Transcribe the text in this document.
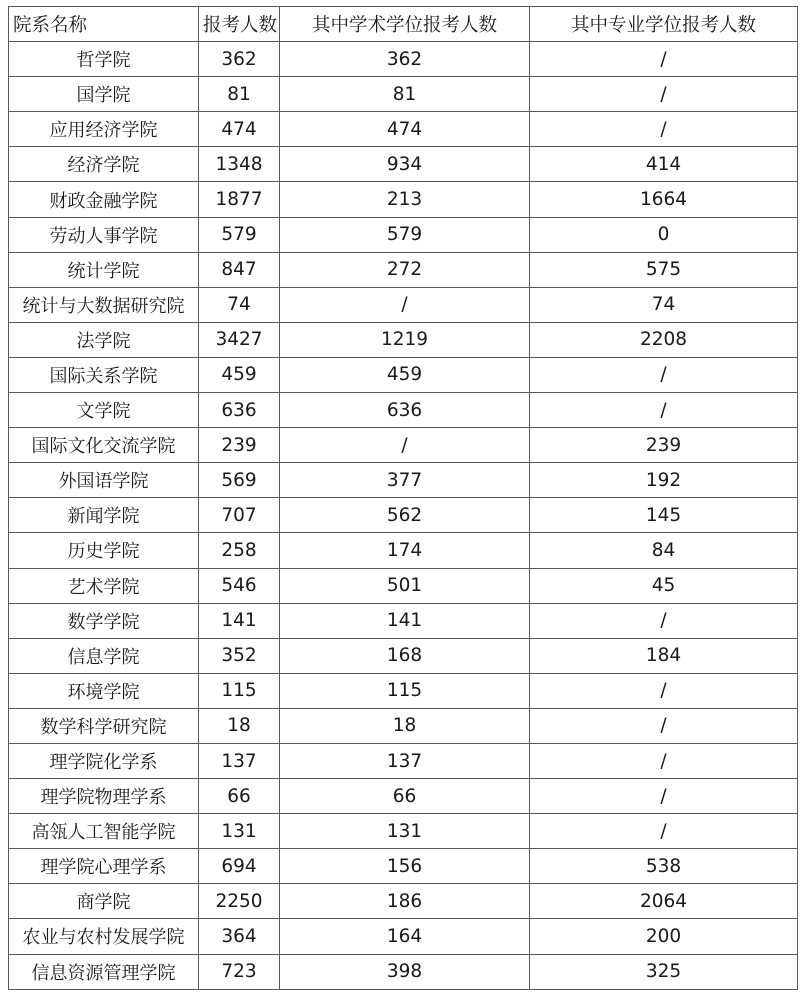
院系名称	报考人数	其中学术学位报考人数	其中专业学位报考人数
哲学院	362	362	/
国学院	81	81	/
应用经济学院	474	474	/
经济学院	1348	934	414
财政金融学院	1877	213	1664
劳动人事学院	579	579	0
统计学院	847	272	575
统计与大数据研究院	74	/	74
法学院	3427	1219	2208
国际关系学院	459	459	/
文学院	636	636	/
国际文化交流学院	239	/	239
外国语学院	569	377	192
新闻学院	707	562	145
历史学院	258	174	84
艺术学院	546	501	45
数学学院	141	141	/
信息学院	352	168	184
环境学院	115	115	/
数学科学研究院	18	18	/
理学院化学系	137	137	/
理学院物理学系	66	66	/
高瓴人工智能学院	131	131	/
理学院心理学系	694	156	538
商学院	2250	186	2064
农业与农村发展学院	364	164	200
信息资源管理学院	723	398	325
